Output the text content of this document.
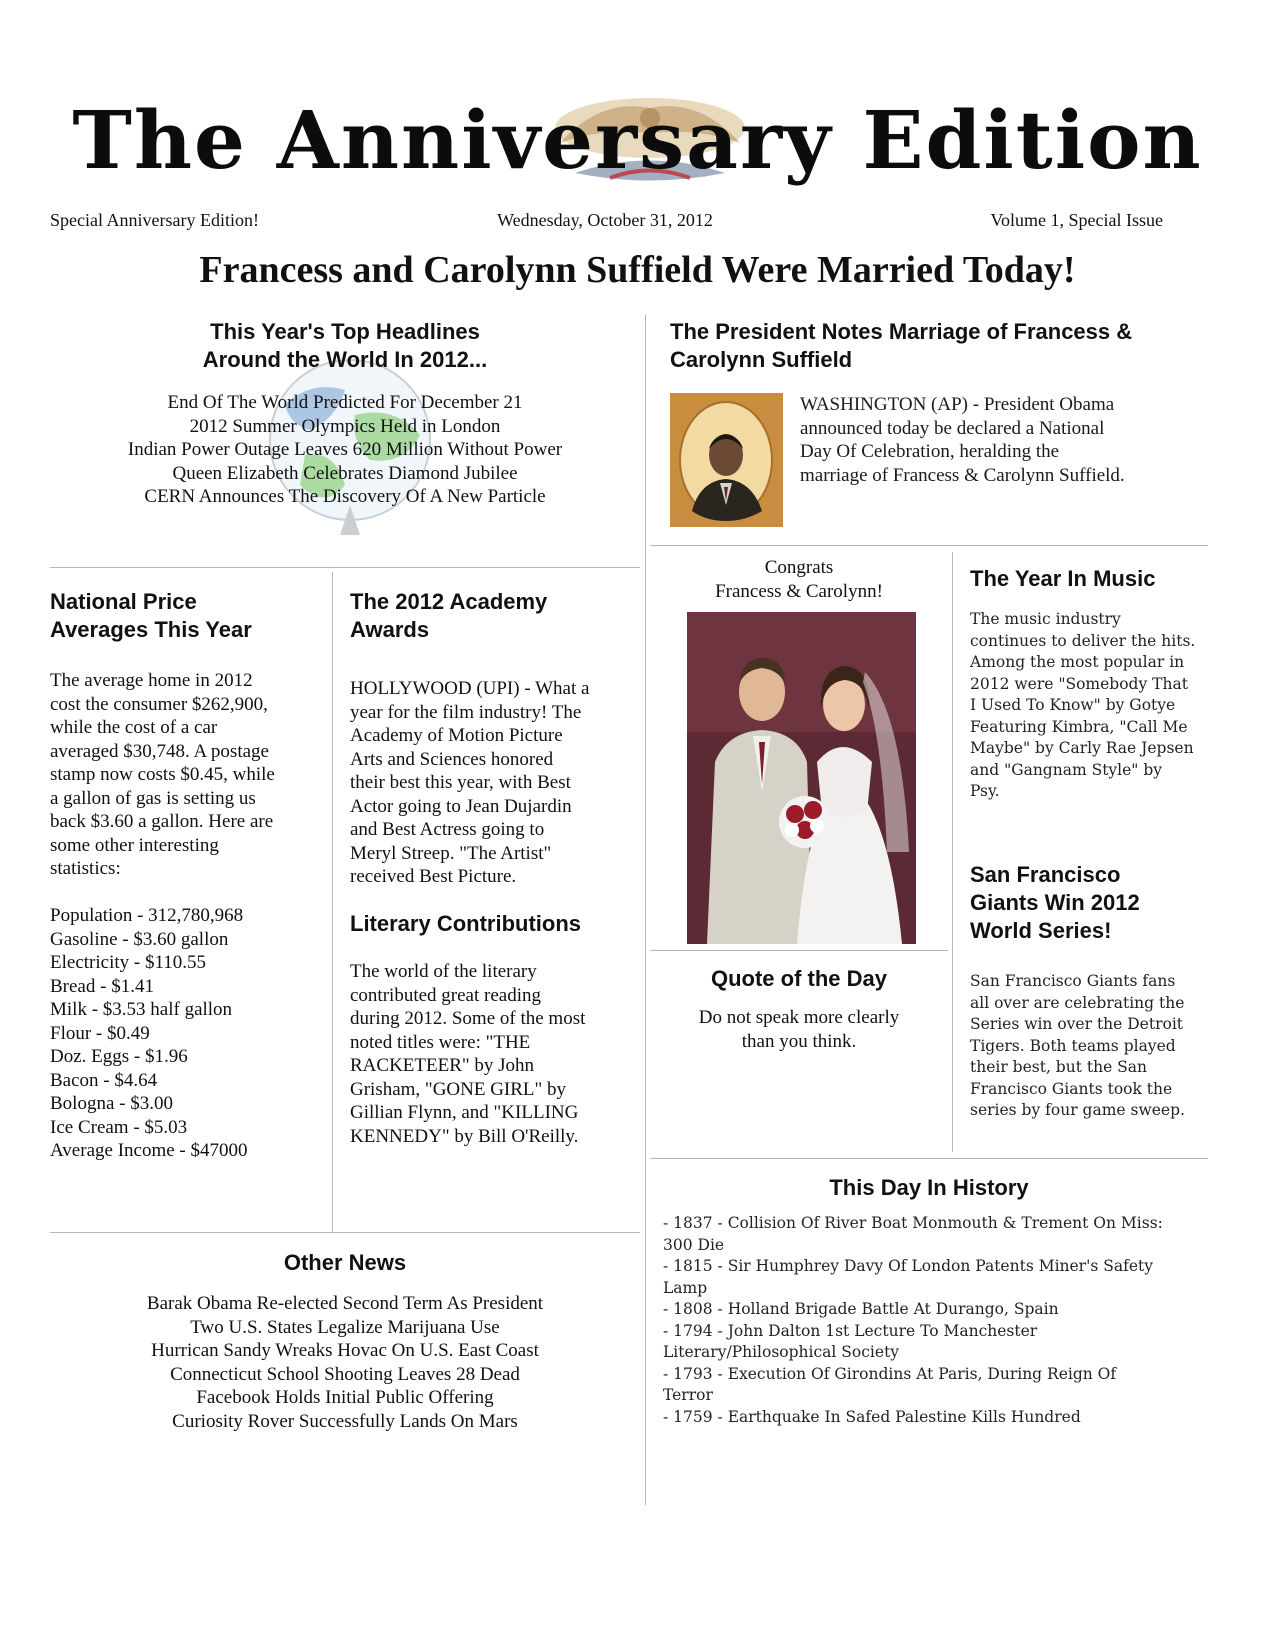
The Anniversary Edition
Special Anniversary Edition!	Wednesday, October 31, 2012	Volume 1, Special Issue
Francess and Carolynn Suffield Were Married Today!
This Year's Top Headlines
Around the World In 2012...
End Of The World Predicted For December 21
2012 Summer Olympics Held in London
Indian Power Outage Leaves 620 Million Without Power
Queen Elizabeth Celebrates Diamond Jubilee
CERN Announces The Discovery Of A New Particle
The President Notes Marriage of Francess &
Carolynn Suffield
WASHINGTON (AP) - President Obama
announced today be declared a National
Day Of Celebration, heralding the
marriage of Francess & Carolynn Suffield.
National Price
Averages This Year
The average home in 2012
cost the consumer $262,900,
while the cost of a car
averaged $30,748. A postage
stamp now costs $0.45, while
a gallon of gas is setting us
back $3.60 a gallon. Here are
some other interesting
statistics:
Population - 312,780,968
Gasoline - $3.60 gallon
Electricity - $110.55
Bread - $1.41
Milk - $3.53 half gallon
Flour - $0.49
Doz. Eggs - $1.96
Bacon - $4.64
Bologna - $3.00
Ice Cream - $5.03
Average Income - $47000
The 2012 Academy
Awards
HOLLYWOOD (UPI) - What a
year for the film industry! The
Academy of Motion Picture
Arts and Sciences honored
their best this year, with Best
Actor going to Jean Dujardin
and Best Actress going to
Meryl Streep. "The Artist"
received Best Picture.
Literary Contributions
The world of the literary
contributed great reading
during 2012. Some of the most
noted titles were: "THE
RACKETEER" by John
Grisham, "GONE GIRL" by
Gillian Flynn, and "KILLING
KENNEDY" by Bill O'Reilly.
Congrats
Francess & Carolynn!
Quote of the Day
Do not speak more clearly
than you think.
The Year In Music
The music industry
continues to deliver the hits.
Among the most popular in
2012 were "Somebody That
I Used To Know" by Gotye
Featuring Kimbra, "Call Me
Maybe" by Carly Rae Jepsen
and "Gangnam Style" by
Psy.
San Francisco
Giants Win 2012
World Series!
San Francisco Giants fans
all over are celebrating the
Series win over the Detroit
Tigers. Both teams played
their best, but the San
Francisco Giants took the
series by four game sweep.
Other News
Barak Obama Re-elected Second Term As President
Two U.S. States Legalize Marijuana Use
Hurrican Sandy Wreaks Hovac On U.S. East Coast
Connecticut School Shooting Leaves 28 Dead
Facebook Holds Initial Public Offering
Curiosity Rover Successfully Lands On Mars
This Day In History
- 1837 - Collision Of River Boat Monmouth & Trement On Miss:
300 Die
- 1815 - Sir Humphrey Davy Of London Patents Miner's Safety
Lamp
- 1808 - Holland Brigade Battle At Durango, Spain
- 1794 - John Dalton 1st Lecture To Manchester
Literary/Philosophical Society
- 1793 - Execution Of Girondins At Paris, During Reign Of
Terror
- 1759 - Earthquake In Safed Palestine Kills Hundred
